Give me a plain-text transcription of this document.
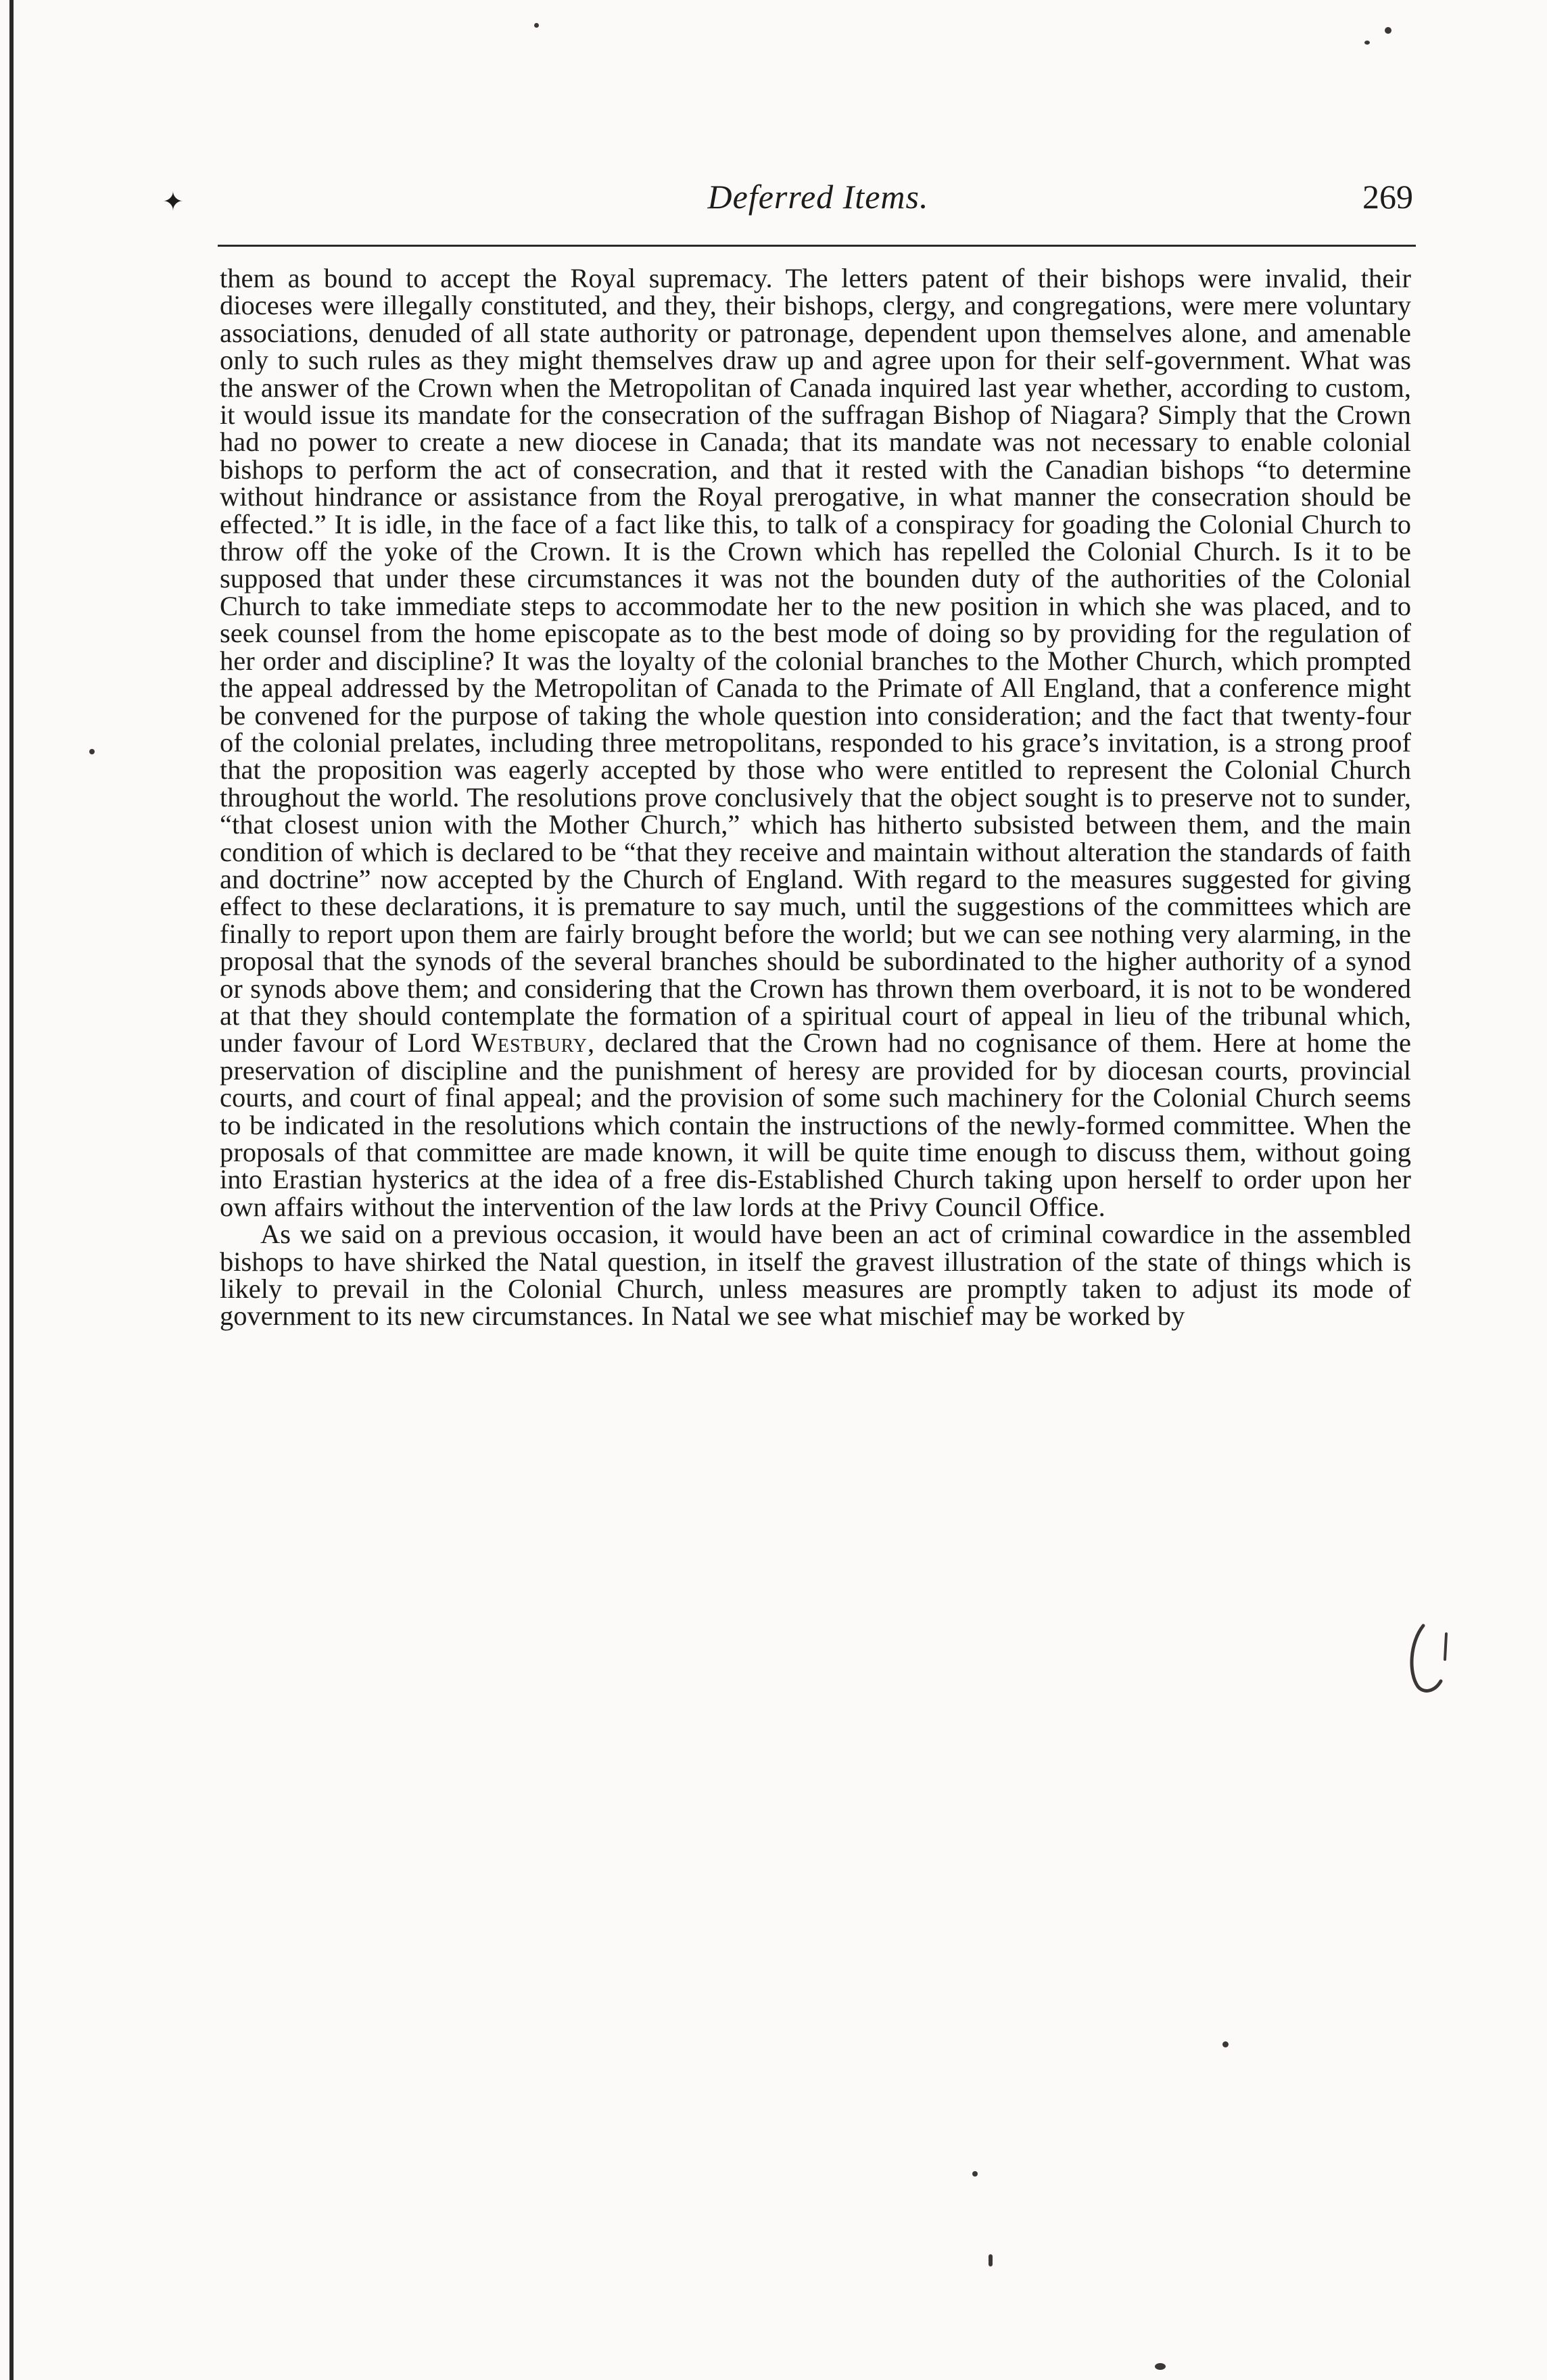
✦	Deferred Items.	269

them as bound to accept the Royal supremacy. The letters patent of their bishops were invalid, their dioceses were illegally constituted, and they, their bishops, clergy, and congregations, were mere voluntary associations, denuded of all state authority or patronage, dependent upon themselves alone, and amenable only to such rules as they might themselves draw up and agree upon for their self-government. What was the answer of the Crown when the Metropolitan of Canada inquired last year whether, according to custom, it would issue its mandate for the consecration of the suffragan Bishop of Niagara? Simply that the Crown had no power to create a new diocese in Canada; that its mandate was not necessary to enable colonial bishops to perform the act of consecration, and that it rested with the Canadian bishops “to determine without hindrance or assistance from the Royal prerogative, in what manner the consecration should be effected.” It is idle, in the face of a fact like this, to talk of a conspiracy for goading the Colonial Church to throw off the yoke of the Crown. It is the Crown which has repelled the Colonial Church. Is it to be supposed that under these circumstances it was not the bounden duty of the authorities of the Colonial Church to take immediate steps to accommodate her to the new position in which she was placed, and to seek counsel from the home episcopate as to the best mode of doing so by providing for the regulation of her order and discipline? It was the loyalty of the colonial branches to the Mother Church, which prompted the appeal addressed by the Metropolitan of Canada to the Primate of All England, that a conference might be convened for the purpose of taking the whole question into consideration; and the fact that twenty-four of the colonial prelates, including three metropolitans, responded to his grace’s invitation, is a strong proof that the proposition was eagerly accepted by those who were entitled to represent the Colonial Church throughout the world. The resolutions prove conclusively that the object sought is to preserve not to sunder, “that closest union with the Mother Church,” which has hitherto subsisted between them, and the main condition of which is declared to be “that they receive and maintain without alteration the standards of faith and doctrine” now accepted by the Church of England. With regard to the measures suggested for giving effect to these declarations, it is premature to say much, until the suggestions of the committees which are finally to report upon them are fairly brought before the world; but we can see nothing very alarming, in the proposal that the synods of the several branches should be subordinated to the higher authority of a synod or synods above them; and considering that the Crown has thrown them overboard, it is not to be wondered at that they should contemplate the formation of a spiritual court of appeal in lieu of the tribunal which, under favour of Lord Westbury, declared that the Crown had no cognisance of them. Here at home the preservation of discipline and the punishment of heresy are provided for by diocesan courts, provincial courts, and court of final appeal; and the provision of some such machinery for the Colonial Church seems to be indicated in the resolutions which contain the instructions of the newly-formed committee. When the proposals of that committee are made known, it will be quite time enough to discuss them, without going into Erastian hysterics at the idea of a free dis-Established Church taking upon herself to order upon her own affairs without the intervention of the law lords at the Privy Council Office.

As we said on a previous occasion, it would have been an act of criminal cowardice in the assembled bishops to have shirked the Natal question, in itself the gravest illustration of the state of things which is likely to prevail in the Colonial Church, unless measures are promptly taken to adjust its mode of government to its new circumstances. In Natal we see what mischief may be worked by
